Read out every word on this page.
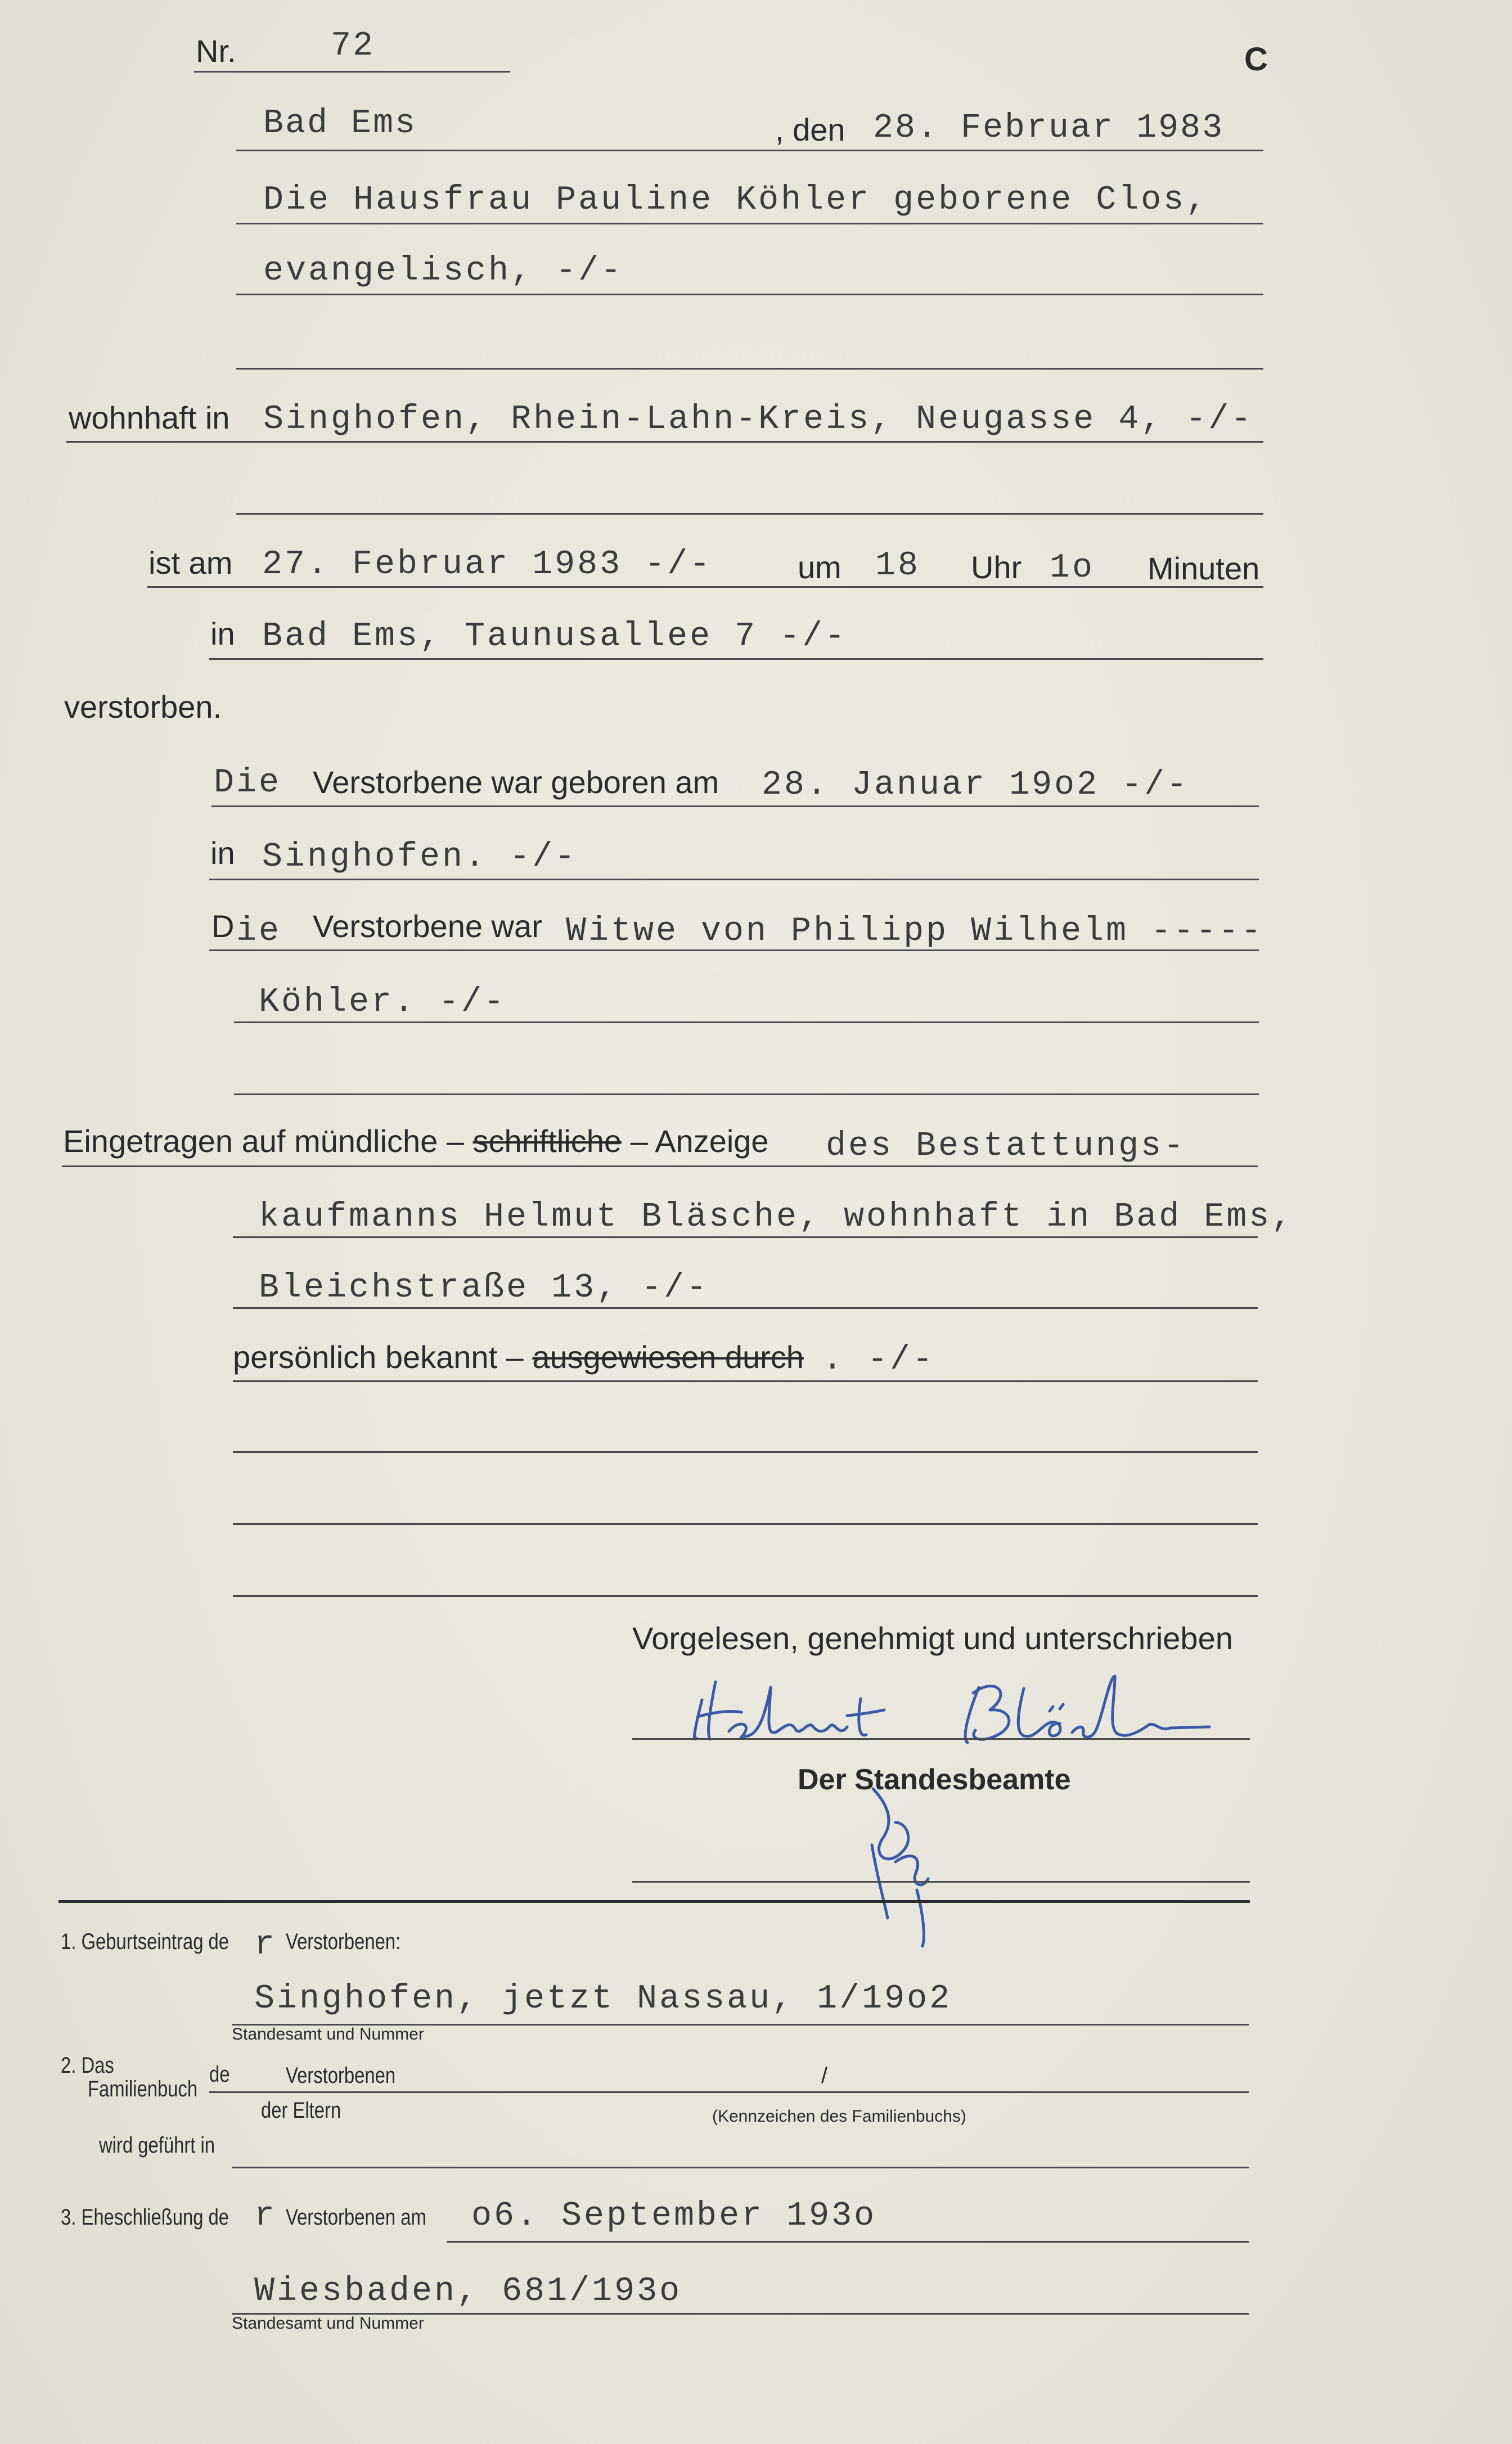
Nr.	72	C
Bad Ems	, den 28. Februar 1983
Die Hausfrau Pauline Köhler geborene Clos,
evangelisch, -/-
wohnhaft in Singhofen, Rhein-Lahn-Kreis, Neugasse 4, -/-
ist am 27. Februar 1983 -/-	um 18 Uhr 1o Minuten
in Bad Ems, Taunusallee 7 -/-
verstorben.
Die Verstorbene war geboren am 28. Januar 19o2 -/-
in Singhofen. -/-
D ie Verstorbene war Witwe von Philipp Wilhelm -----
Köhler. -/-
Eingetragen auf mündliche – schriftliche – Anzeige des Bestattungs-
kaufmanns Helmut Bläsche, wohnhaft in Bad Ems,
Bleichstraße 13, -/-
persönlich bekannt – ausgewiesen durch . -/-
Vorgelesen, genehmigt und unterschrieben
Der Standesbeamte
1. Geburtseintrag de r Verstorbenen:
Singhofen, jetzt Nassau, 1/19o2
Standesamt und Nummer
2. Das
Familienbuch
de Verstorbenen	/
der Eltern	(Kennzeichen des Familienbuchs)
wird geführt in
3. Eheschließung de r Verstorbenen am o6. September 193o
Wiesbaden, 681/193o
Standesamt und Nummer
